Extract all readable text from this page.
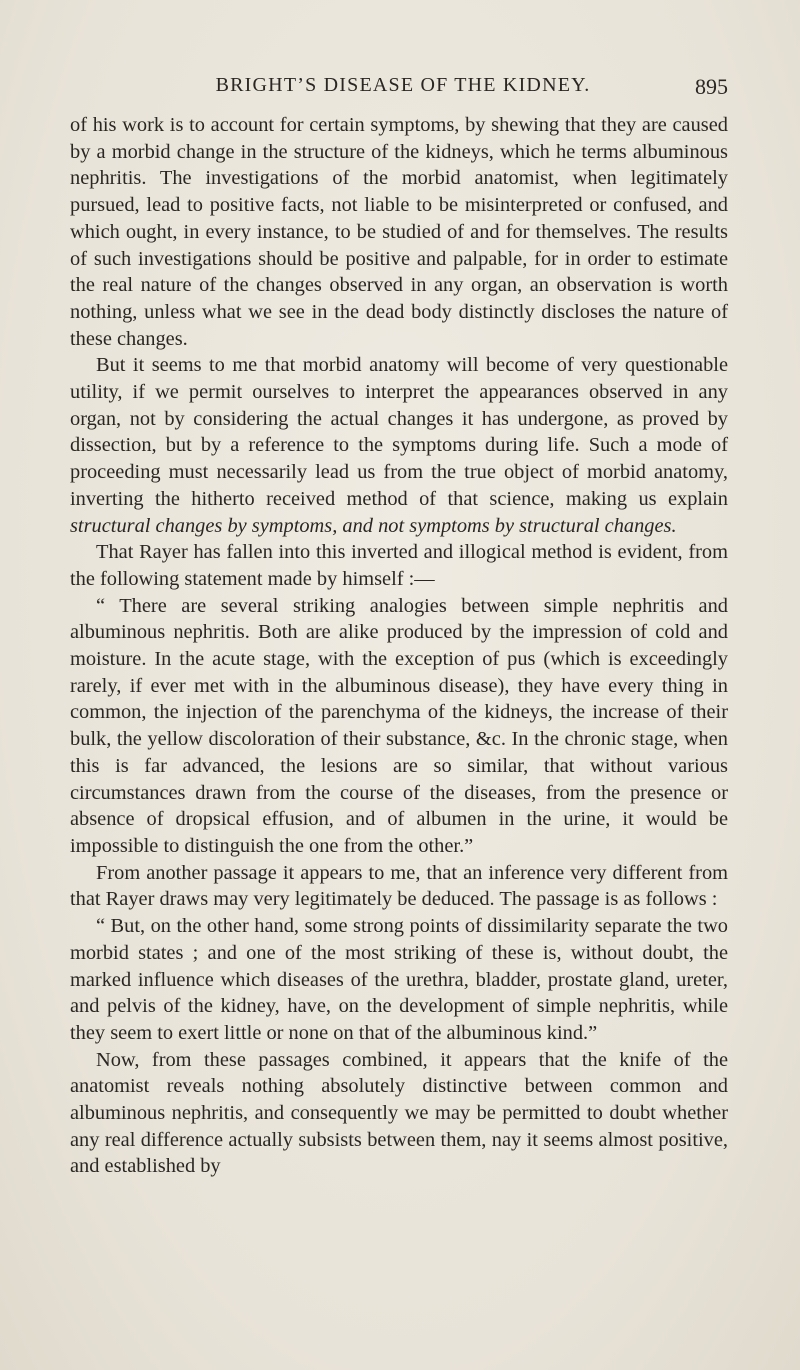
BRIGHT’S DISEASE OF THE KIDNEY.	895

of his work is to account for certain symptoms, by shewing that they are caused by a morbid change in the structure of the kidneys, which he terms albuminous nephritis. The investigations of the morbid anatomist, when legitimately pursued, lead to positive facts, not liable to be misinterpreted or confused, and which ought, in every instance, to be studied of and for themselves. The results of such investigations should be positive and palpable, for in order to estimate the real nature of the changes observed in any organ, an observation is worth nothing, unless what we see in the dead body distinctly discloses the nature of these changes.

But it seems to me that morbid anatomy will become of very questionable utility, if we permit ourselves to interpret the appearances observed in any organ, not by considering the actual changes it has undergone, as proved by dissection, but by a reference to the symptoms during life. Such a mode of proceeding must necessarily lead us from the true object of morbid anatomy, inverting the hitherto received method of that science, making us explain structural changes by symptoms, and not symptoms by structural changes.

That Rayer has fallen into this inverted and illogical method is evident, from the following statement made by himself :—

“ There are several striking analogies between simple nephritis and albuminous nephritis. Both are alike produced by the impression of cold and moisture. In the acute stage, with the exception of pus (which is exceedingly rarely, if ever met with in the albuminous disease), they have every thing in common, the injection of the parenchyma of the kidneys, the increase of their bulk, the yellow discoloration of their substance, &c. In the chronic stage, when this is far advanced, the lesions are so similar, that without various circumstances drawn from the course of the diseases, from the presence or absence of dropsical effusion, and of albumen in the urine, it would be impossible to distinguish the one from the other.”

From another passage it appears to me, that an inference very different from that Rayer draws may very legitimately be deduced. The passage is as follows :

“ But, on the other hand, some strong points of dissimilarity separate the two morbid states ; and one of the most striking of these is, without doubt, the marked influence which diseases of the urethra, bladder, prostate gland, ureter, and pelvis of the kidney, have, on the development of simple nephritis, while they seem to exert little or none on that of the albuminous kind.”

Now, from these passages combined, it appears that the knife of the anatomist reveals nothing absolutely distinctive between common and albuminous nephritis, and consequently we may be permitted to doubt whether any real difference actually subsists between them, nay it seems almost positive, and established by
